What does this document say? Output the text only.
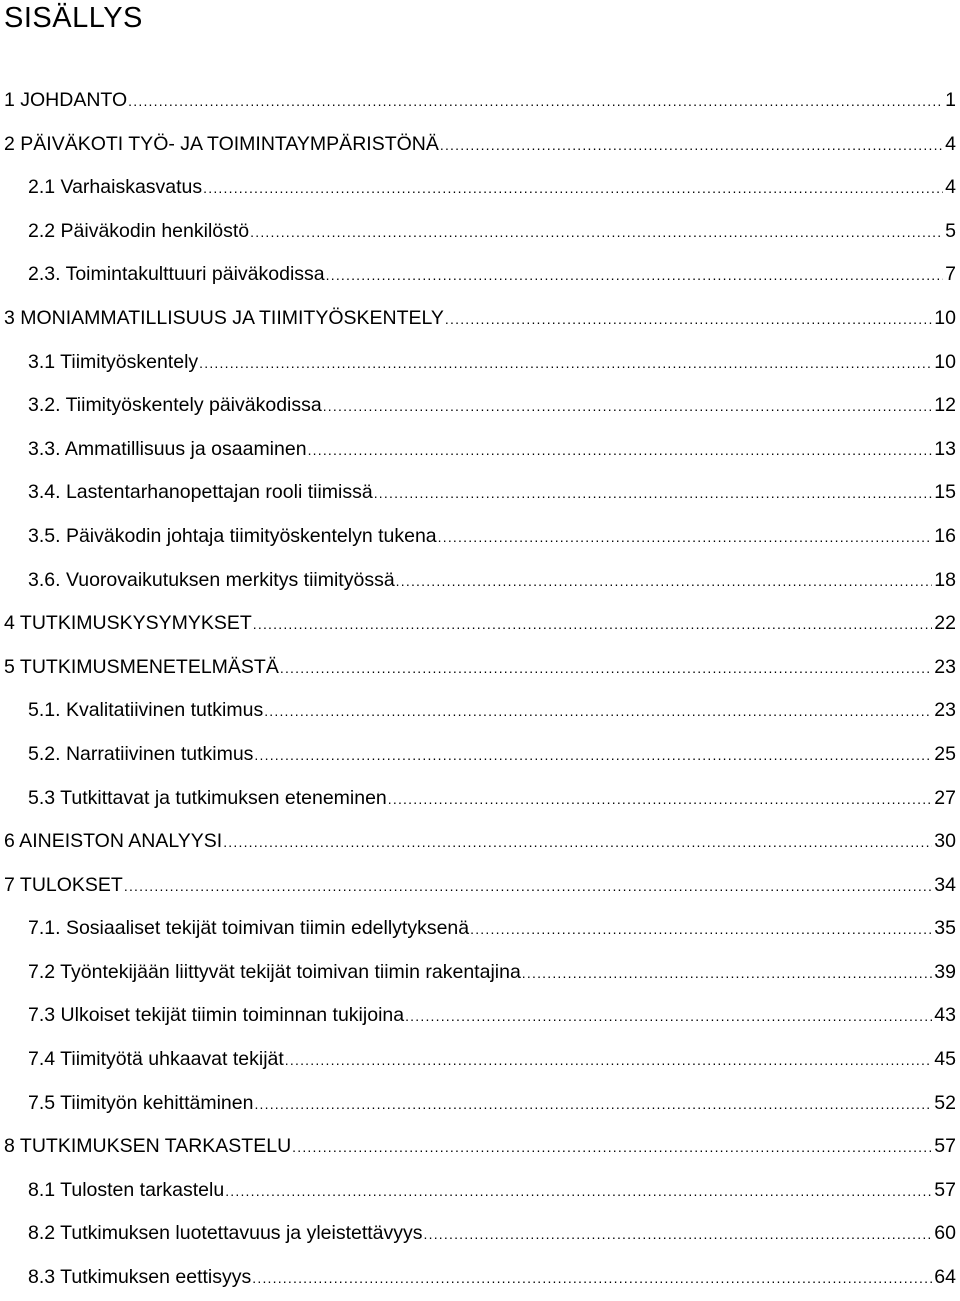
SISÄLLYS
1 JOHDANTO .....	1
2 PÄIVÄKOTI TYÖ- JA TOIMINTAYMPÄRISTÖNÄ .....	4
2.1 Varhaiskasvatus .....	4
2.2 Päiväkodin henkilöstö .....	5
2.3. Toimintakulttuuri päiväkodissa .....	7
3 MONIAMMATILLISUUS JA TIIMITYÖSKENTELY .....	10
3.1 Tiimityöskentely .....	10
3.2. Tiimityöskentely päiväkodissa .....	12
3.3. Ammatillisuus ja osaaminen .....	13
3.4. Lastentarhanopettajan rooli tiimissä .....	15
3.5. Päiväkodin johtaja tiimityöskentelyn tukena .....	16
3.6. Vuorovaikutuksen merkitys tiimityössä .....	18
4 TUTKIMUSKYSYMYKSET .....	22
5 TUTKIMUSMENETELMÄSTÄ .....	23
5.1. Kvalitatiivinen tutkimus .....	23
5.2. Narratiivinen tutkimus .....	25
5.3 Tutkittavat ja tutkimuksen eteneminen .....	27
6 AINEISTON ANALYYSI .....	30
7 TULOKSET .....	34
7.1. Sosiaaliset tekijät toimivan tiimin edellytyksenä .....	35
7.2 Työntekijään liittyvät tekijät toimivan tiimin rakentajina .....	39
7.3 Ulkoiset tekijät tiimin toiminnan tukijoina .....	43
7.4 Tiimityötä uhkaavat tekijät .....	45
7.5 Tiimityön kehittäminen .....	52
8 TUTKIMUKSEN TARKASTELU .....	57
8.1 Tulosten tarkastelu .....	57
8.2 Tutkimuksen luotettavuus ja yleistettävyys .....	60
8.3 Tutkimuksen eettisyys .....	64
